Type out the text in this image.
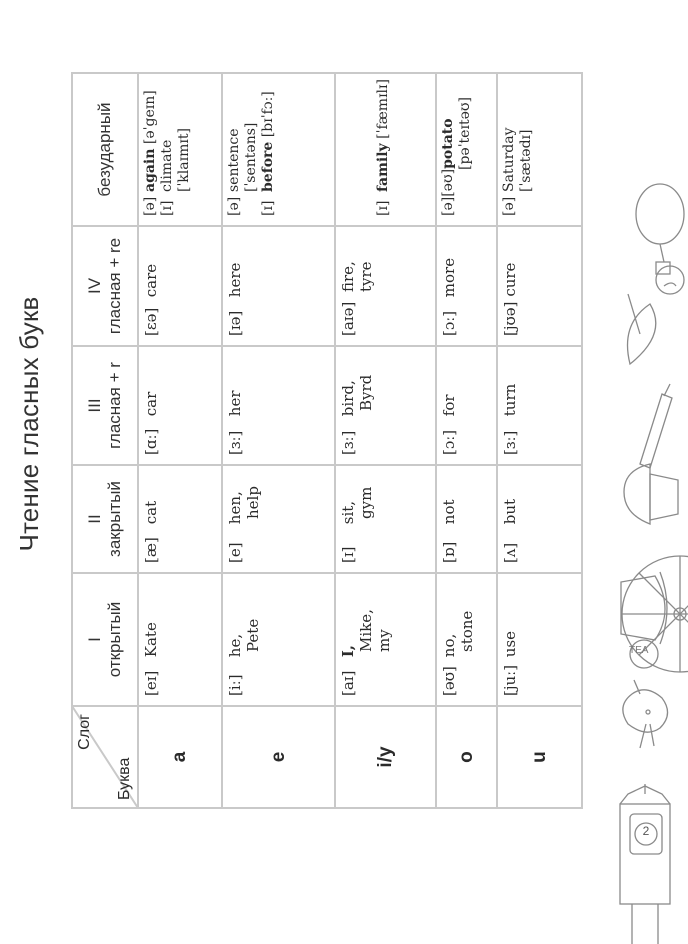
Чтение гласных букв
Слог
Буква
I открытый
II закрытый
III гласная + r
IV гласная + re
безударный
a
[eɪ] Kate
[æ] cat
[ɑː] car
[ɛə] care
[ə]again [əˈgeɪn]
[ɪ]climate [ˈklaɪmɪt]
e
[iː] he, Pete
[e] hen, help
[ɜː] her
[ɪə] here
[ə]sentence [ˈsentəns]
[ɪ]before [bɪˈfɔː]
i/y
[aɪ] I, Mike, my
[ɪ] sit, gym
[ɜː] bird, Byrd
[aɪə]fire, tyre
[ɪ]family [ˈfæmɪlɪ]
o
[əʊ] no, stone
[ɒ] not
[ɔː] for
[ɔː] more
[ə][əʊ]potato [pəˈteɪtəʊ]
u
[juː] use
[ʌ] but
[ɜː] turn
[jʊə] cure
[ə]Saturday [ˈsætədɪ]
2
TEA
